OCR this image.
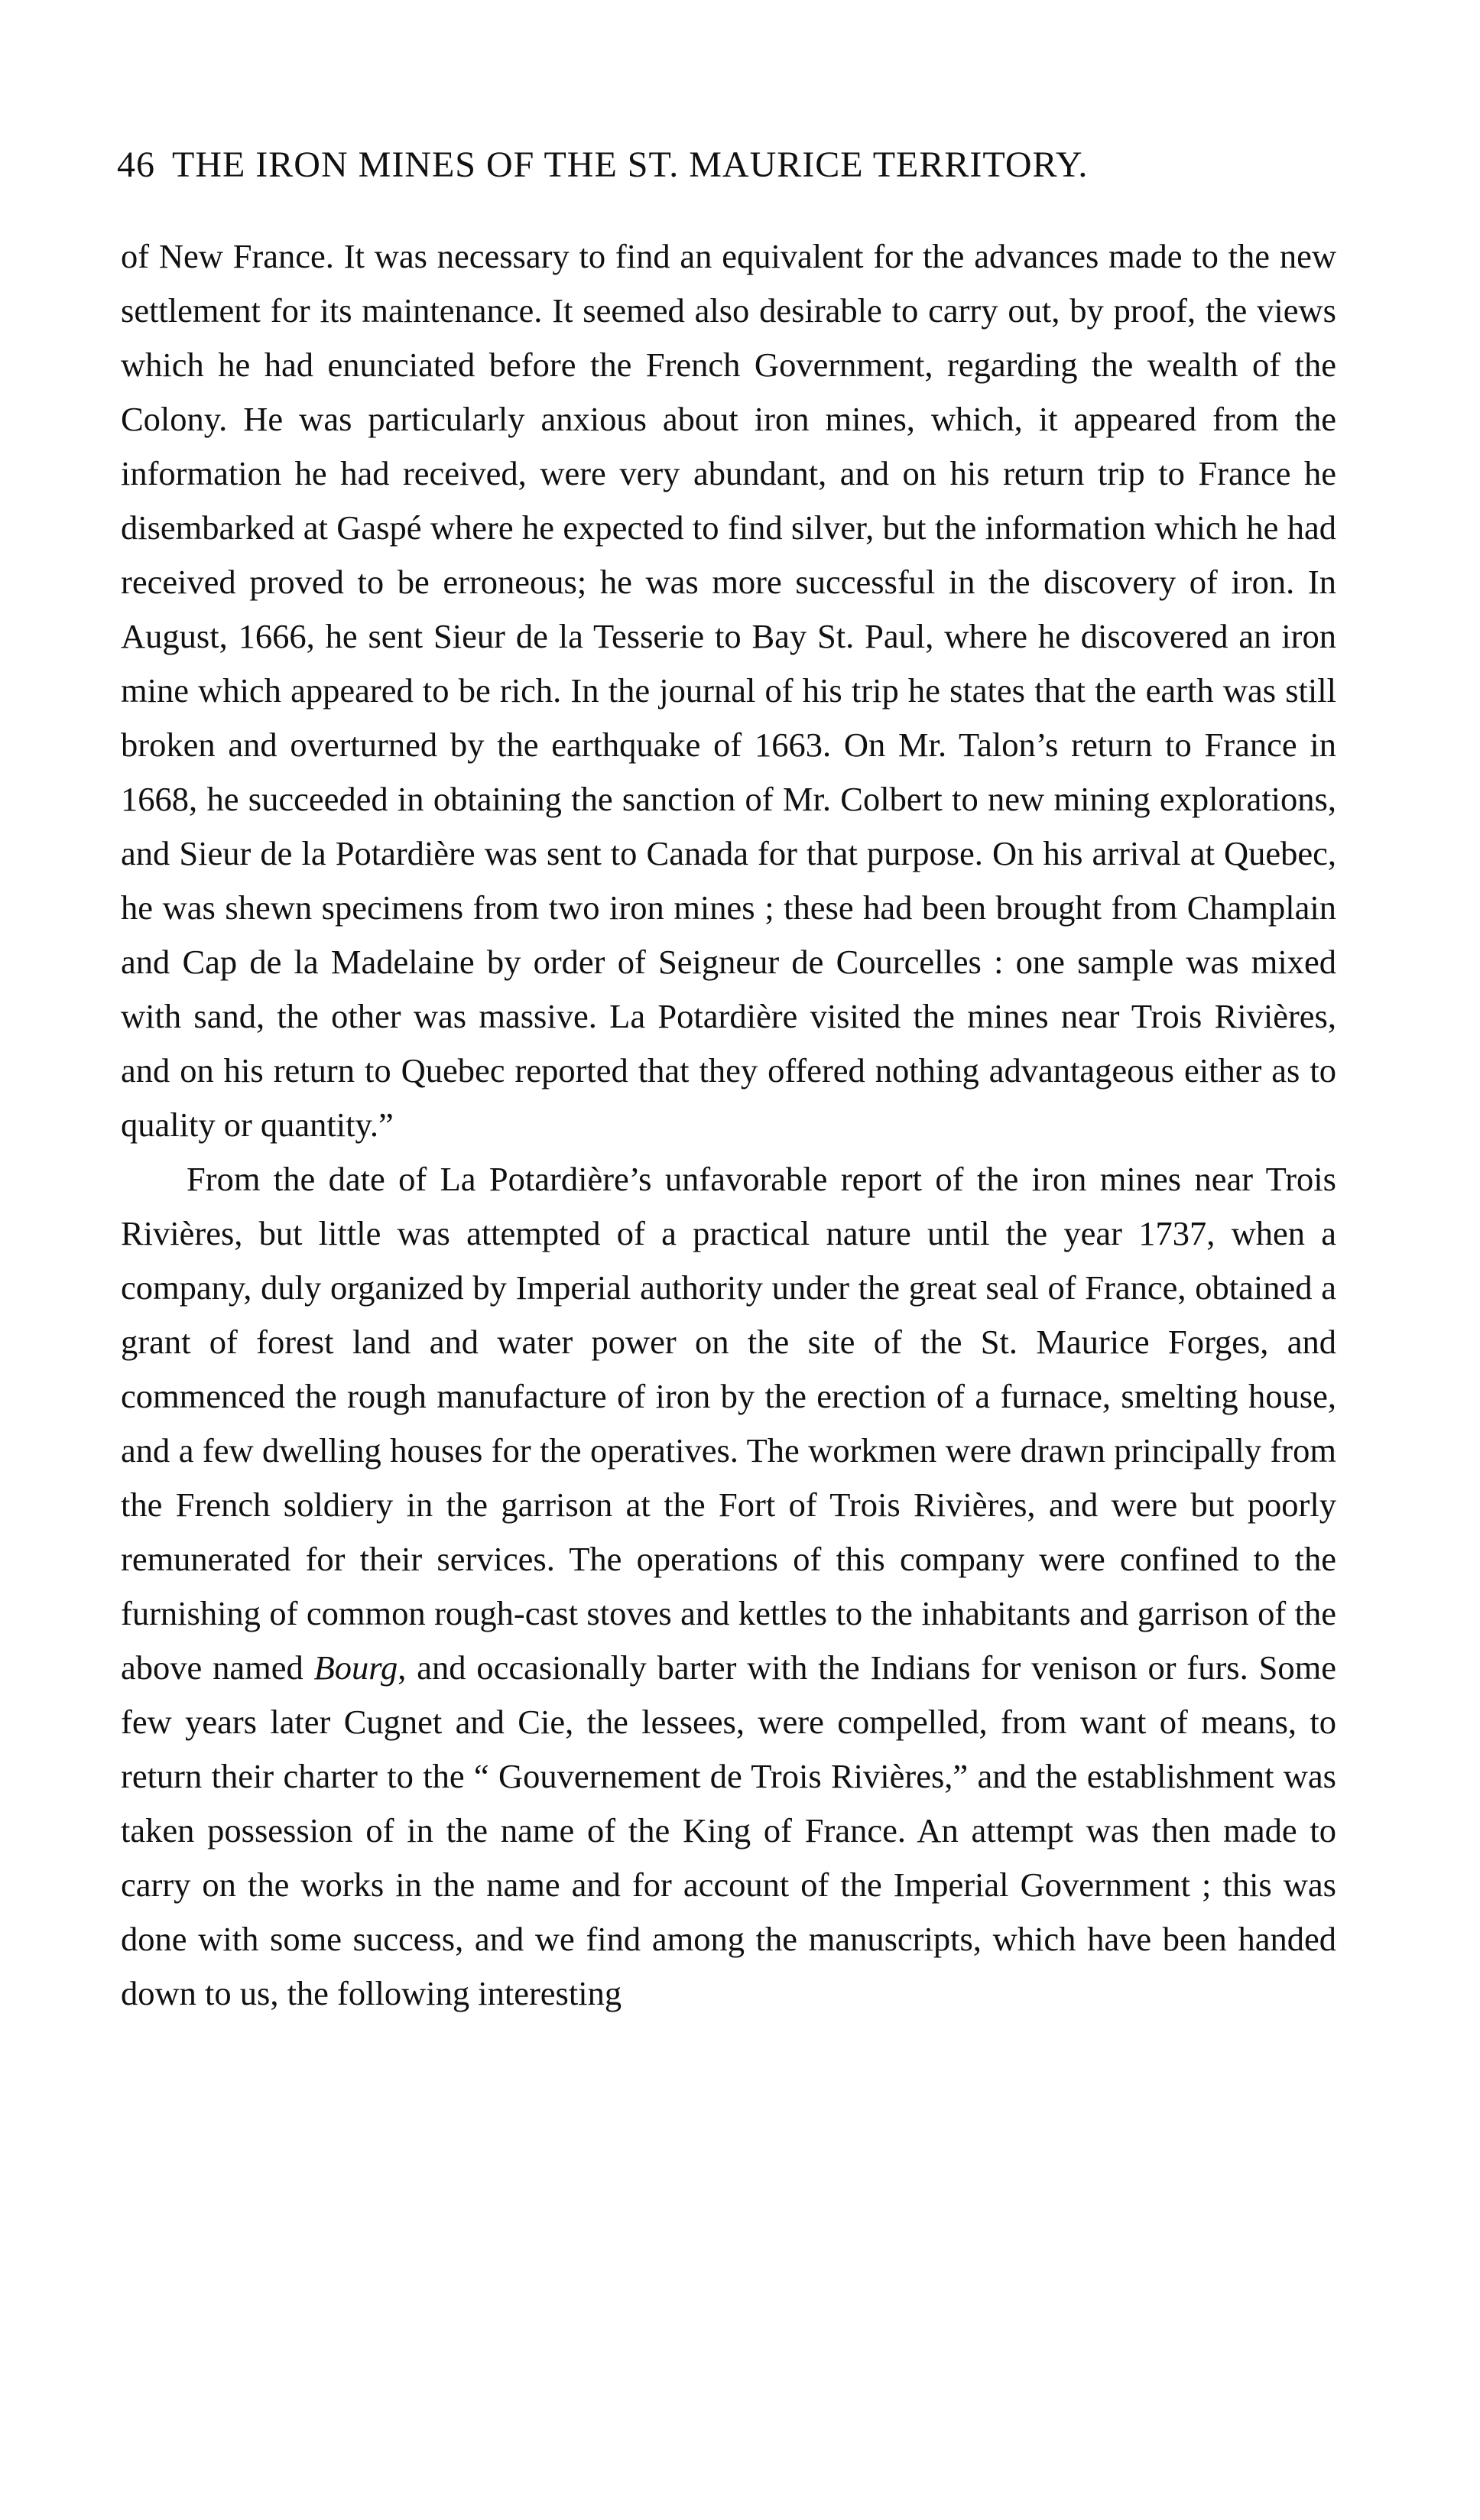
46 THE IRON MINES OF THE ST. MAURICE TERRITORY.

of New France. It was necessary to find an equivalent for the advances made to the new settlement for its maintenance. It seemed also desirable to carry out, by proof, the views which he had enunciated before the French Government, regarding the wealth of the Colony. He was particularly anxious about iron mines, which, it appeared from the information he had received, were very abundant, and on his return trip to France he disembarked at Gaspé where he expected to find silver, but the information which he had received proved to be erroneous; he was more successful in the discovery of iron. In August, 1666, he sent Sieur de la Tesserie to Bay St. Paul, where he discovered an iron mine which appeared to be rich. In the journal of his trip he states that the earth was still broken and overturned by the earthquake of 1663. On Mr. Talon’s return to France in 1668, he succeeded in obtaining the sanction of Mr. Colbert to new mining explorations, and Sieur de la Potardière was sent to Canada for that purpose. On his arrival at Quebec, he was shewn specimens from two iron mines ; these had been brought from Champlain and Cap de la Madelaine by order of Seigneur de Courcelles : one sample was mixed with sand, the other was massive. La Potardière visited the mines near Trois Rivières, and on his return to Quebec reported that they offered nothing advantageous either as to quality or quantity.”

From the date of La Potardière’s unfavorable report of the iron mines near Trois Rivières, but little was attempted of a practical nature until the year 1737, when a company, duly organized by Imperial authority under the great seal of France, obtained a grant of forest land and water power on the site of the St. Maurice Forges, and commenced the rough manufacture of iron by the erection of a furnace, smelting house, and a few dwelling houses for the operatives. The workmen were drawn principally from the French soldiery in the garrison at the Fort of Trois Rivières, and were but poorly remunerated for their services. The operations of this company were confined to the furnishing of common rough-cast stoves and kettles to the inhabitants and garrison of the above named Bourg, and occasionally barter with the Indians for venison or furs. Some few years later Cugnet and Cie, the lessees, were compelled, from want of means, to return their charter to the “ Gouvernement de Trois Rivières,” and the establishment was taken possession of in the name of the King of France. An attempt was then made to carry on the works in the name and for account of the Imperial Government ; this was done with some success, and we find among the manuscripts, which have been handed down to us, the following interesting
